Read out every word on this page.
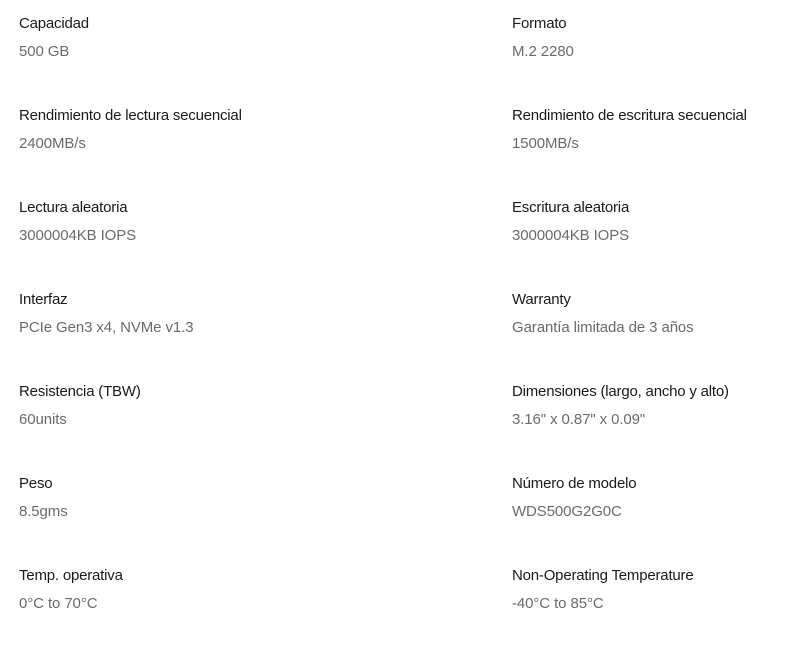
Capacidad
500 GB
Formato
M.2 2280
Rendimiento de lectura secuencial
2400MB/s
Rendimiento de escritura secuencial
1500MB/s
Lectura aleatoria
3000004KB IOPS
Escritura aleatoria
3000004KB IOPS
Interfaz
PCIe Gen3 x4, NVMe v1.3
Warranty
Garantía limitada de 3 años
Resistencia (TBW)
60units
Dimensiones (largo, ancho y alto)
3.16" x 0.87" x 0.09"
Peso
8.5gms
Número de modelo
WDS500G2G0C
Temp. operativa
0°C to 70°C
Non-Operating Temperature
-40°C to 85°C
